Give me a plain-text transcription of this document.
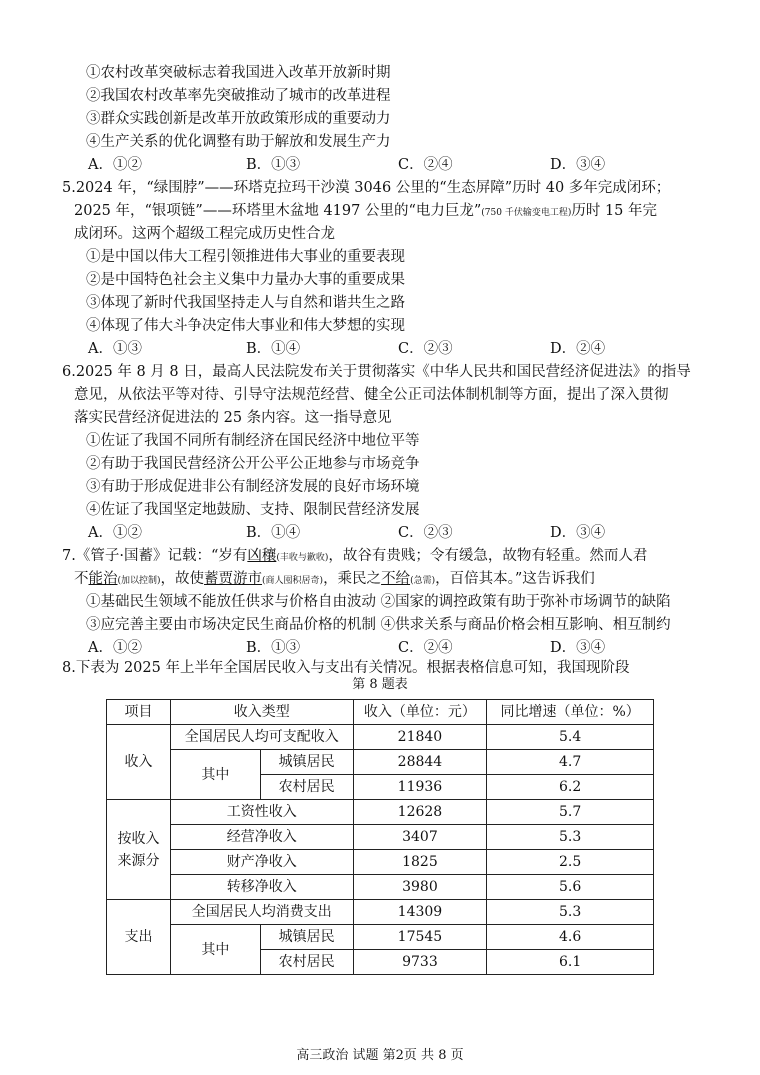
①农村改革突破标志着我国进入改革开放新时期
②我国农村改革率先突破推动了城市的改革进程
③群众实践创新是改革开放政策形成的重要动力
④生产关系的优化调整有助于解放和发展生产力
A．①②	B．①③	C．②④	D．③④
5.2024 年，“绿围脖”——环塔克拉玛干沙漠 3046 公里的“生态屏障”历时 40 多年完成闭环；
2025 年，“银项链”——环塔里木盆地 4197 公里的“电力巨龙”(750 千伏输变电工程)历时 15 年完
成闭环。这两个超级工程完成历史性合龙
①是中国以伟大工程引领推进伟大事业的重要表现
②是中国特色社会主义集中力量办大事的重要成果
③体现了新时代我国坚持走人与自然和谐共生之路
④体现了伟大斗争决定伟大事业和伟大梦想的实现
A．①③	B．①④	C．②③	D．②④
6.2025 年 8 月 8 日，最高人民法院发布关于贯彻落实《中华人民共和国民营经济促进法》的指导
意见，从依法平等对待、引导守法规范经营、健全公正司法体制机制等方面，提出了深入贯彻
落实民营经济促进法的 25 条内容。这一指导意见
①佐证了我国不同所有制经济在国民经济中地位平等
②有助于我国民营经济公开公平公正地参与市场竞争
③有助于形成促进非公有制经济发展的良好市场环境
④佐证了我国坚定地鼓励、支持、限制民营经济发展
A．①②	B．①④	C．②③	D．③④
7.《管子·国蓄》记载：“岁有凶穰(丰收与歉收)，故谷有贵贱；令有缓急，故物有轻重。然而人君
不能治(加以控制)，故使蓄贾游市(商人囤积居奇)，乘民之不给(急需)，百倍其本。”这告诉我们
①基础民生领域不能放任供求与价格自由波动 ②国家的调控政策有助于弥补市场调节的缺陷
③应完善主要由市场决定民生商品价格的机制 ④供求关系与商品价格会相互影响、相互制约
A．①②	B．①③	C．②④	D．③④
8.下表为 2025 年上半年全国居民收入与支出有关情况。根据表格信息可知，我国现阶段
第 8 题表
项目	收入类型		收入（单位：元）	同比增速（单位：%）
收入	全国居民人均可支配收入		21840	5.4
	其中	城镇居民	28844	4.7
		农村居民	11936	6.2
按收入来源分	工资性收入		12628	5.7
	经营净收入		3407	5.3
	财产净收入		1825	2.5
	转移净收入		3980	5.6
支出	全国居民人均消费支出		14309	5.3
	其中	城镇居民	17545	4.6
		农村居民	9733	6.1
高三政治 试题 第2页 共 8 页
